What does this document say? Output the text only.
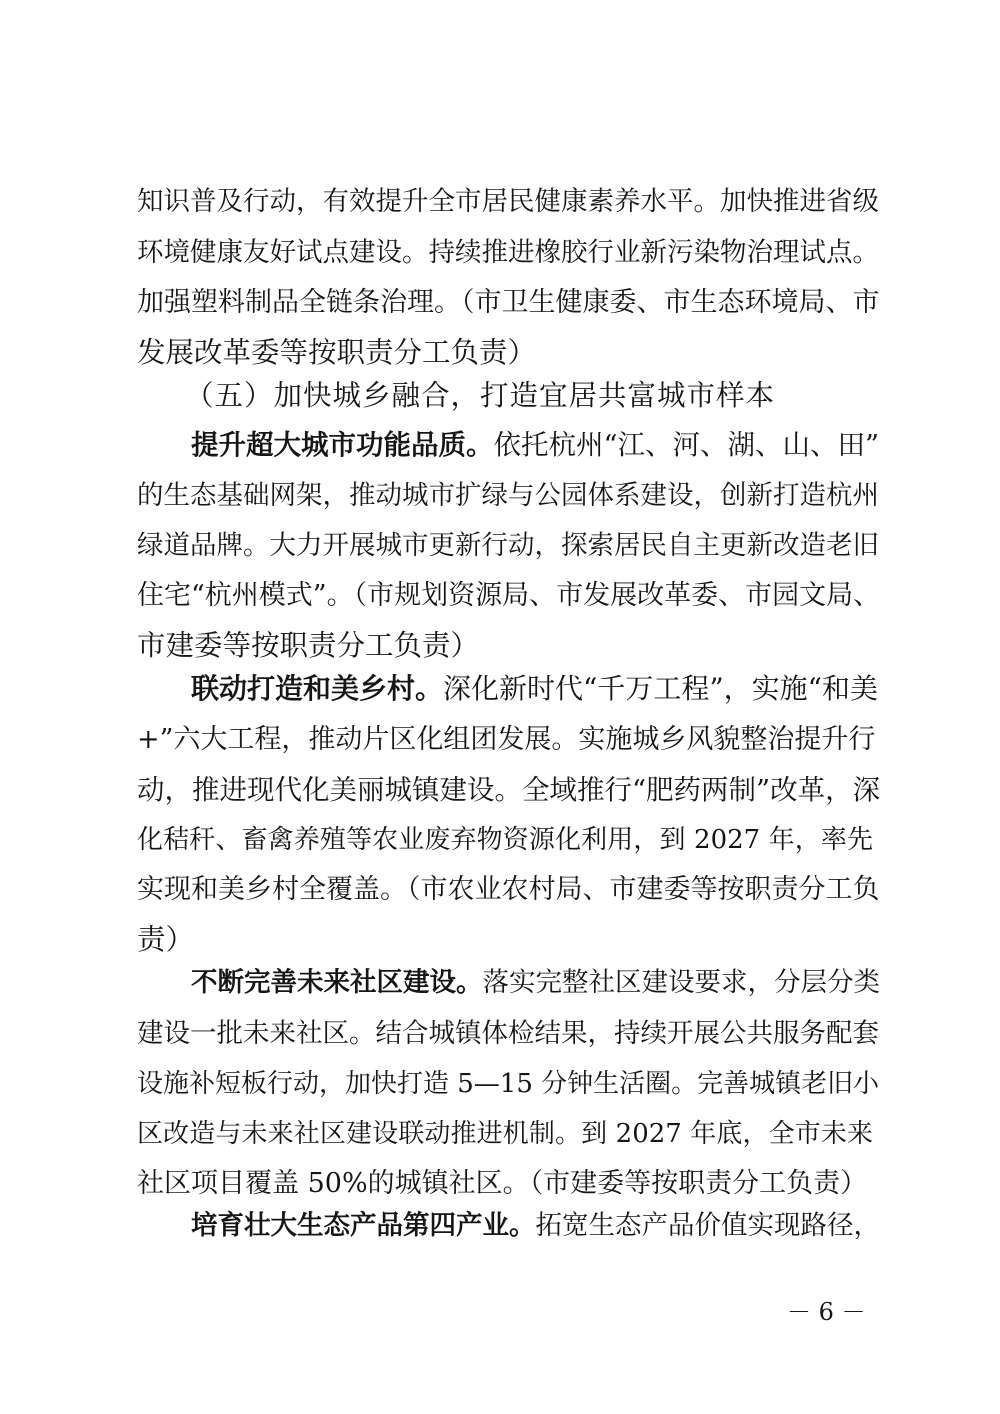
知识普及行动，有效提升全市居民健康素养水平。加快推进省级
环境健康友好试点建设。持续推进橡胶行业新污染物治理试点。
加强塑料制品全链条治理。（市卫生健康委、市生态环境局、市
发展改革委等按职责分工负责）
（五）加快城乡融合，打造宜居共富城市样本
提升超大城市功能品质。依托杭州“江、河、湖、山、田”
的生态基础网架，推动城市扩绿与公园体系建设，创新打造杭州
绿道品牌。大力开展城市更新行动，探索居民自主更新改造老旧
住宅“杭州模式”。（市规划资源局、市发展改革委、市园文局、
市建委等按职责分工负责）
联动打造和美乡村。深化新时代“千万工程”，实施“和美
+”六大工程，推动片区化组团发展。实施城乡风貌整治提升行
动，推进现代化美丽城镇建设。全域推行“肥药两制”改革，深
化秸秆、畜禽养殖等农业废弃物资源化利用，到 2027 年，率先
实现和美乡村全覆盖。（市农业农村局、市建委等按职责分工负
责）
不断完善未来社区建设。落实完整社区建设要求，分层分类
建设一批未来社区。结合城镇体检结果，持续开展公共服务配套
设施补短板行动，加快打造 5—15 分钟生活圈。完善城镇老旧小
区改造与未来社区建设联动推进机制。到 2027 年底，全市未来
社区项目覆盖 50%的城镇社区。（市建委等按职责分工负责）
培育壮大生态产品第四产业。拓宽生态产品价值实现路径，
－ 6 －
